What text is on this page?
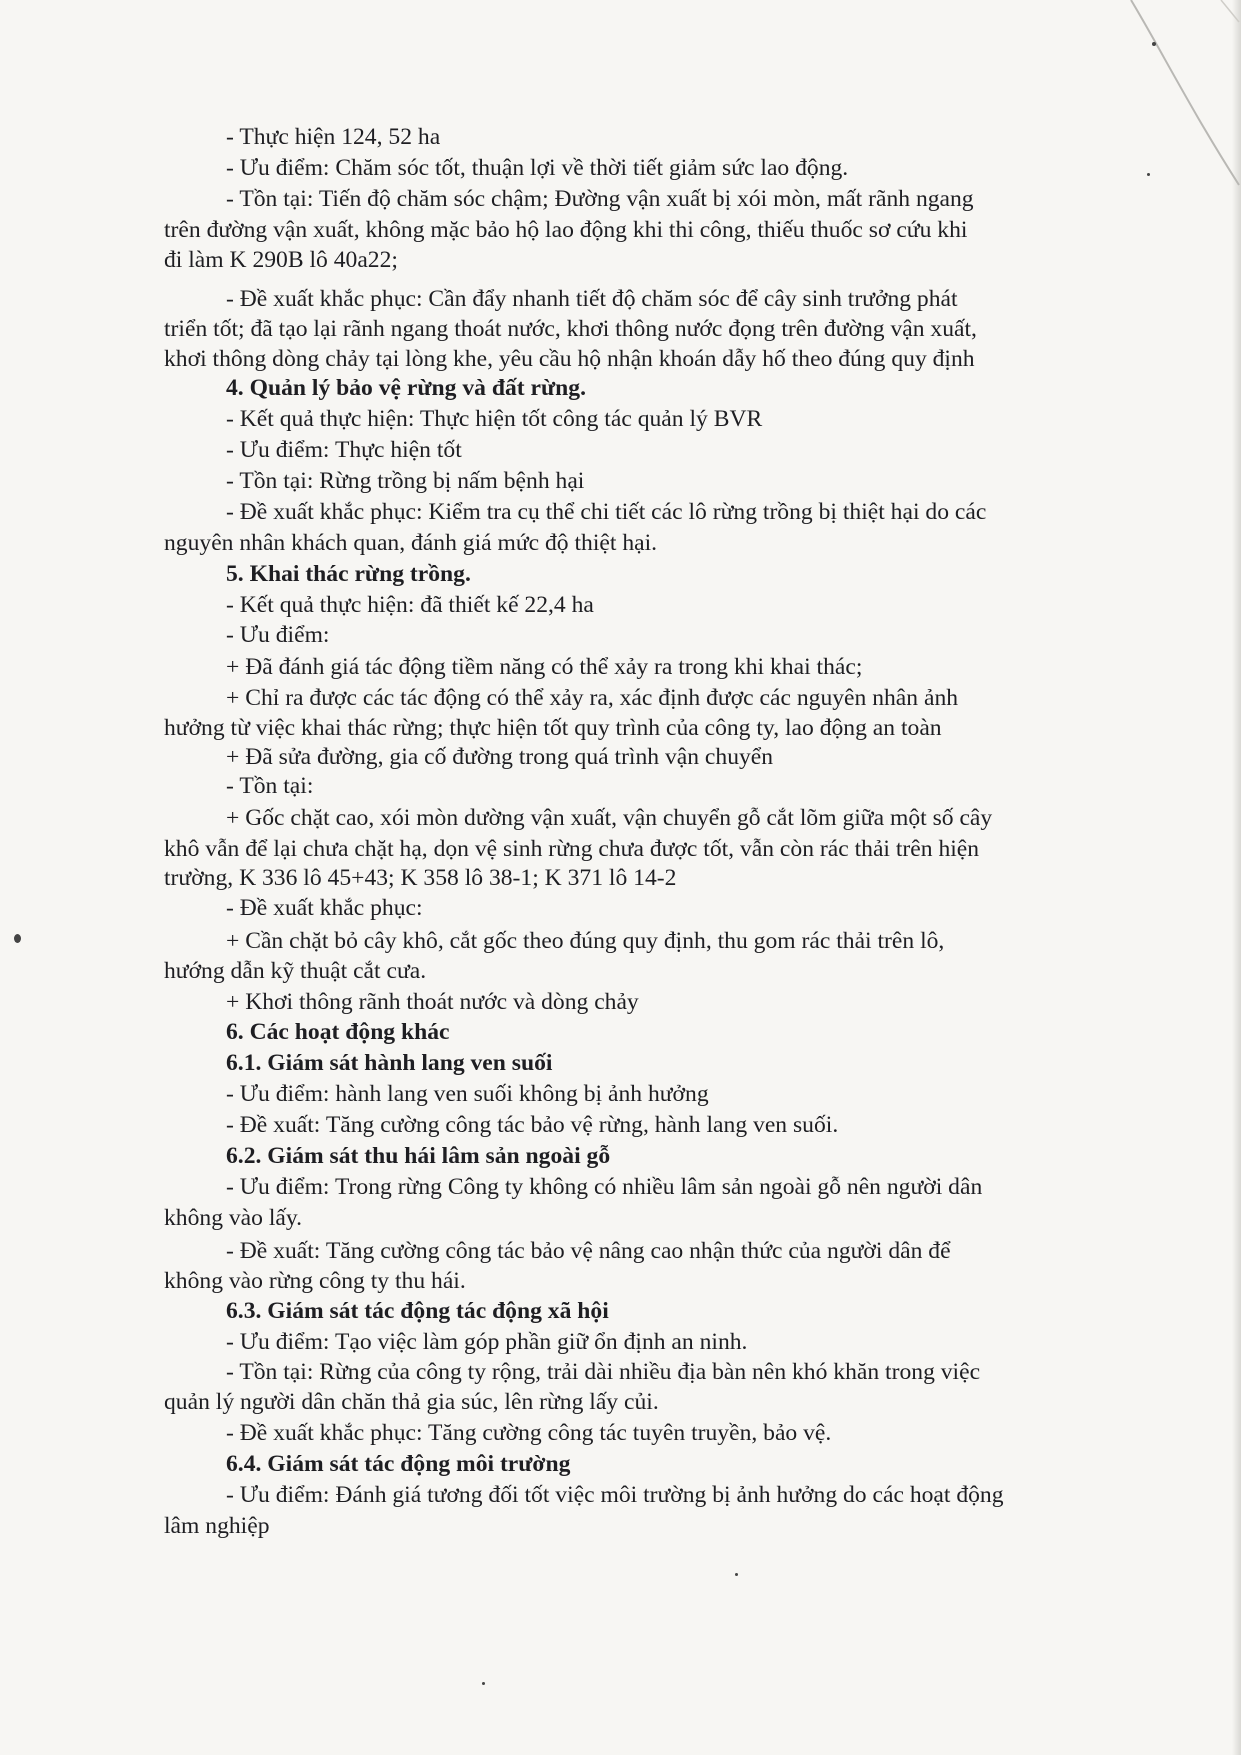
- Thực hiện 124, 52 ha
- Ưu điểm: Chăm sóc tốt, thuận lợi về thời tiết giảm sức lao động.
- Tồn tại: Tiến độ chăm sóc chậm; Đường vận xuất bị xói mòn, mất rãnh ngang
trên đường vận xuất, không mặc bảo hộ lao động khi thi công, thiếu thuốc sơ cứu khi
đi làm K 290B lô 40a22;
- Đề xuất khắc phục: Cần đẩy nhanh tiết độ chăm sóc để cây sinh trưởng phát
triển tốt; đã tạo lại rãnh ngang thoát nước, khơi thông nước đọng trên đường vận xuất,
khơi thông dòng chảy tại lòng khe, yêu cầu hộ nhận khoán dẫy hố theo đúng quy định
4. Quản lý bảo vệ rừng và đất rừng.
- Kết quả thực hiện: Thực hiện tốt công tác quản lý BVR
- Ưu điểm: Thực hiện tốt
- Tồn tại: Rừng trồng bị nấm bệnh hại
- Đề xuất khắc phục: Kiểm tra cụ thể chi tiết các lô rừng trồng bị thiệt hại do các
nguyên nhân khách quan, đánh giá mức độ thiệt hại.
5. Khai thác rừng trồng.
- Kết quả thực hiện: đã thiết kế 22,4 ha
- Ưu điểm:
+ Đã đánh giá tác động tiềm năng có thể xảy ra trong khi khai thác;
+ Chỉ ra được các tác động có thể xảy ra, xác định được các nguyên nhân ảnh
hưởng từ việc khai thác rừng; thực hiện tốt quy trình của công ty, lao động an toàn
+ Đã sửa đường, gia cố đường trong quá trình vận chuyển
- Tồn tại:
+ Gốc chặt cao, xói mòn dường vận xuất, vận chuyển gỗ cắt lõm giữa một số cây
khô vẫn để lại chưa chặt hạ, dọn vệ sinh rừng chưa được tốt, vẫn còn rác thải trên hiện
trường, K 336 lô 45+43; K 358 lô 38-1; K 371 lô 14-2
- Đề xuất khắc phục:
+ Cần chặt bỏ cây khô, cắt gốc theo đúng quy định, thu gom rác thải trên lô,
hướng dẫn kỹ thuật cắt cưa.
+ Khơi thông rãnh thoát nước và dòng chảy
6. Các hoạt động khác
6.1. Giám sát hành lang ven suối
- Ưu điểm: hành lang ven suối không bị ảnh hưởng
- Đề xuất: Tăng cường công tác bảo vệ rừng, hành lang ven suối.
6.2. Giám sát thu hái lâm sản ngoài gỗ
- Ưu điểm: Trong rừng Công ty không có nhiều lâm sản ngoài gỗ nên người dân
không vào lấy.
- Đề xuất: Tăng cường công tác bảo vệ nâng cao nhận thức của người dân để
không vào rừng công ty thu hái.
6.3. Giám sát tác động tác động xã hội
- Ưu điểm: Tạo việc làm góp phần giữ ổn định an ninh.
- Tồn tại: Rừng của công ty rộng, trải dài nhiều địa bàn nên khó khăn trong việc
quản lý người dân chăn thả gia súc, lên rừng lấy củi.
- Đề xuất khắc phục: Tăng cường công tác tuyên truyền, bảo vệ.
6.4. Giám sát tác động môi trường
- Ưu điểm: Đánh giá tương đối tốt việc môi trường bị ảnh hưởng do các hoạt động
lâm nghiệp
